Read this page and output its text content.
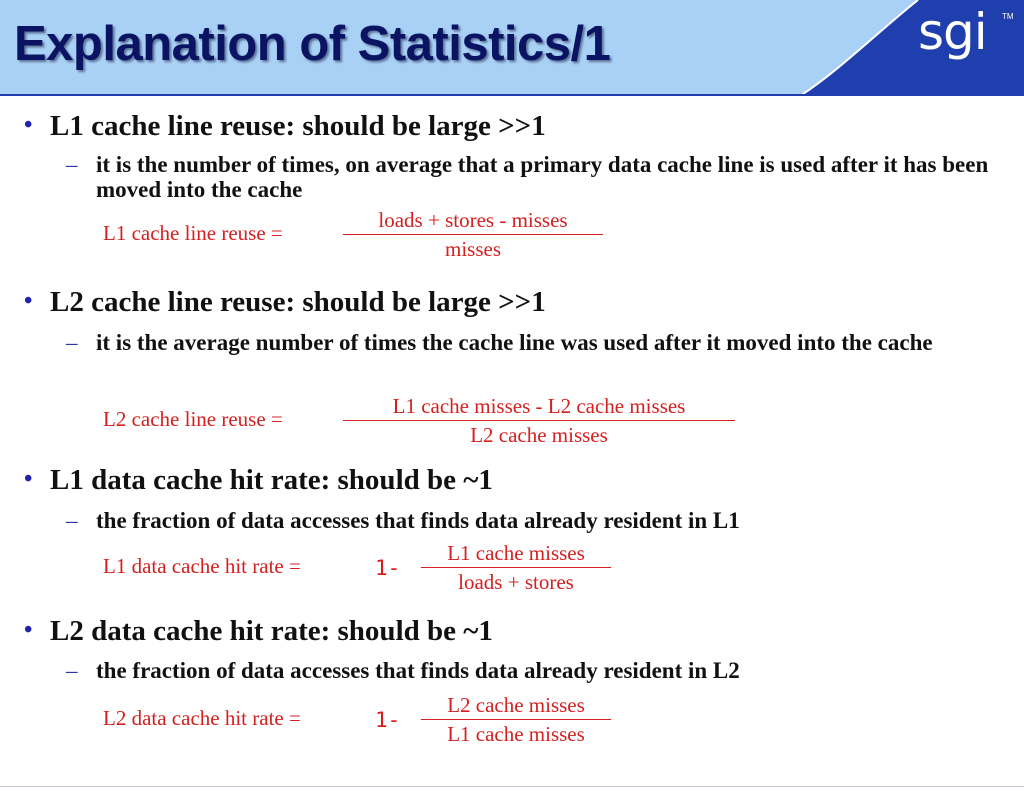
Explanation of Statistics/1	sgi TM
• L1 cache line reuse: should be large >>1
– it is the number of times, on average that a primary data cache line is used after it has been moved into the cache
L1 cache line reuse =
loads + stores - misses
misses
• L2 cache line reuse: should be large >>1
– it is the average number of times the cache line was used after it moved into the cache
L2 cache line reuse =
L1 cache misses - L2 cache misses
L2 cache misses
• L1 data cache hit rate: should be ~1
– the fraction of data accesses that finds data already resident in L1
L1 data cache hit rate =	1-
L1 cache misses
loads + stores
• L2 data cache hit rate: should be ~1
– the fraction of data accesses that finds data already resident in L2
L2 data cache hit rate =	1-
L2 cache misses
L1 cache misses
